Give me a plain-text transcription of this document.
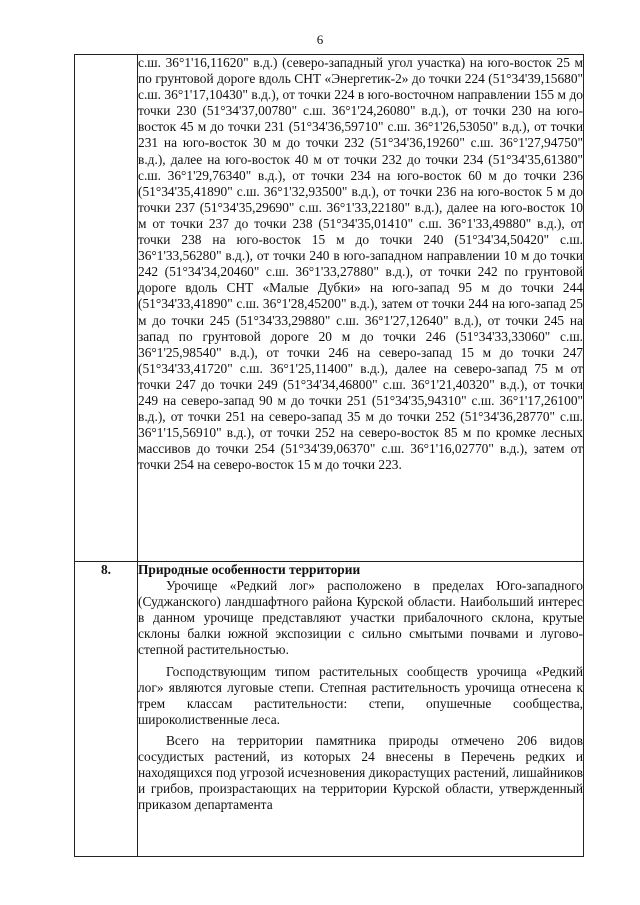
6

	с.ш. 36°1'16,11620" в.д.) (северо-западный угол участка) на юго-восток 25 м по грунтовой дороге вдоль СНТ «Энергетик-2» до точки 224 (51°34'39,15680" с.ш. 36°1'17,10430" в.д.), от точки 224 в юго-восточном направлении 155 м до точки 230 (51°34'37,00780" с.ш. 36°1'24,26080" в.д.), от точки 230 на юго-восток 45 м до точки 231 (51°34'36,59710" с.ш. 36°1'26,53050" в.д.), от точки 231 на юго-восток 30 м до точки 232 (51°34'36,19260" с.ш. 36°1'27,94750" в.д.), далее на юго-восток 40 м от точки 232 до точки 234 (51°34'35,61380" с.ш. 36°1'29,76340" в.д.), от точки 234 на юго-восток 60 м до точки 236 (51°34'35,41890" с.ш. 36°1'32,93500" в.д.), от точки 236 на юго-восток 5 м до точки 237 (51°34'35,29690" с.ш. 36°1'33,22180" в.д.), далее на юго-восток 10 м от точки 237 до точки 238 (51°34'35,01410" с.ш. 36°1'33,49880" в.д.), от точки 238 на юго-восток 15 м до точки 240 (51°34'34,50420" с.ш. 36°1'33,56280" в.д.), от точки 240 в юго-западном направлении 10 м до точки 242 (51°34'34,20460" с.ш. 36°1'33,27880" в.д.), от точки 242 по грунтовой дороге вдоль СНТ «Малые Дубки» на юго-запад 95 м до точки 244 (51°34'33,41890" с.ш. 36°1'28,45200" в.д.), затем от точки 244 на юго-запад 25 м до точки 245 (51°34'33,29880" с.ш. 36°1'27,12640" в.д.), от точки 245 на запад по грунтовой дороге 20 м до точки 246 (51°34'33,33060" с.ш. 36°1'25,98540" в.д.), от точки 246 на северо-запад 15 м до точки 247 (51°34'33,41720" с.ш. 36°1'25,11400" в.д.), далее на северо-запад 75 м от точки 247 до точки 249 (51°34'34,46800" с.ш. 36°1'21,40320" в.д.), от точки 249 на северо-запад 90 м до точки 251 (51°34'35,94310" с.ш. 36°1'17,26100" в.д.), от точки 251 на северо-запад 35 м до точки 252 (51°34'36,28770" с.ш. 36°1'15,56910" в.д.), от точки 252 на северо-восток 85 м по кромке лесных массивов до точки 254 (51°34'39,06370" с.ш. 36°1'16,02770" в.д.), затем от точки 254 на северо-восток 15 м до точки 223.

8.	Природные особенности территории

Урочище «Редкий лог» расположено в пределах Юго-западного (Суджанского) ландшафтного района Курской области. Наибольший интерес в данном урочище представляют участки прибалочного склона, крутые склоны балки южной экспозиции с сильно смытыми почвами и лугово-степной растительностью.

Господствующим типом растительных сообществ урочища «Редкий лог» являются луговые степи. Степная растительность урочища отнесена к трем классам растительности: степи, опушечные сообщества, широколиственные леса.

Всего на территории памятника природы отмечено 206 видов сосудистых растений, из которых 24 внесены в Перечень редких и находящихся под угрозой исчезновения дикорастущих растений, лишайников и грибов, произрастающих на территории Курской области, утвержденный приказом департамента
